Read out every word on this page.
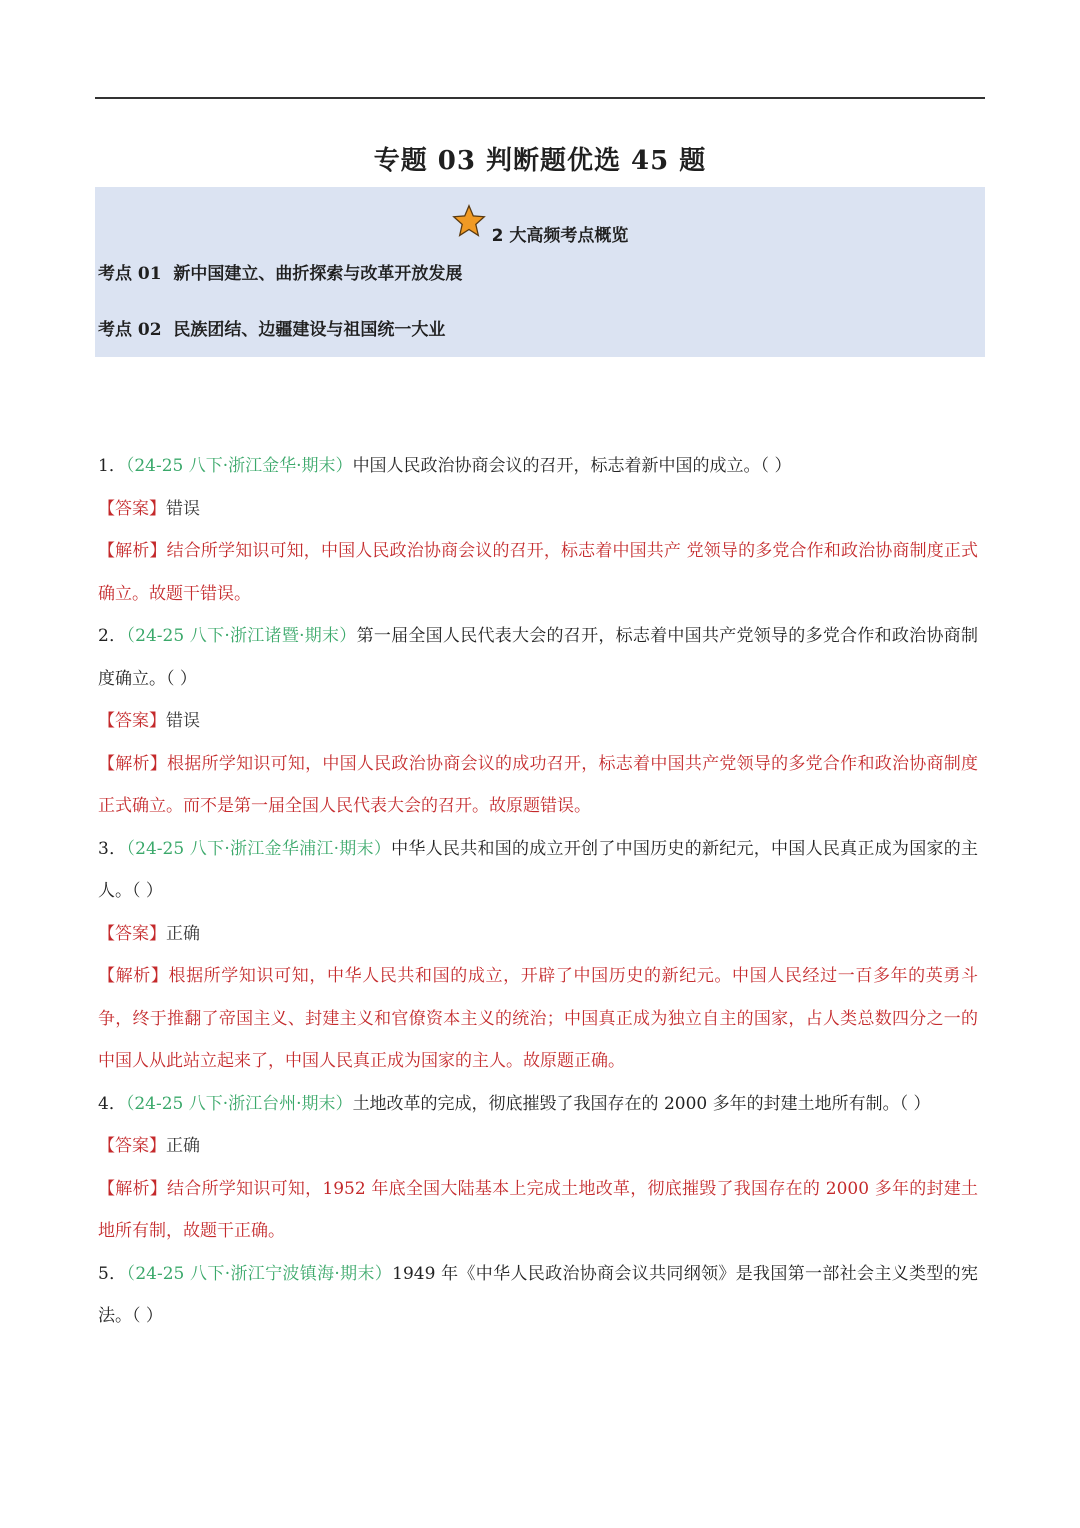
专题 03 判断题优选 45 题
2 大高频考点概览
考点 01 新中国建立、曲折探索与改革开放发展
考点 02 民族团结、边疆建设与祖国统一大业

1．（24-25 八下·浙江金华·期末）中国人民政治协商会议的召开，标志着新中国的成立。（ ）

【答案】错误

【解析】结合所学知识可知，中国人民政治协商会议的召开，标志着中国共产 党领导的多党合作和政治协商制度正式确立。故题干错误。

2．（24-25 八下·浙江诸暨·期末）第一届全国人民代表大会的召开，标志着中国共产党领导的多党合作和政治协商制度确立。（ ）

【答案】错误

【解析】根据所学知识可知，中国人民政治协商会议的成功召开，标志着中国共产党领导的多党合作和政治协商制度正式确立。而不是第一届全国人民代表大会的召开。故原题错误。

3．（24-25 八下·浙江金华浦江·期末）中华人民共和国的成立开创了中国历史的新纪元，中国人民真正成为国家的主人。（ ）

【答案】正确

【解析】根据所学知识可知，中华人民共和国的成立，开辟了中国历史的新纪元。中国人民经过一百多年的英勇斗争，终于推翻了帝国主义、封建主义和官僚资本主义的统治；中国真正成为独立自主的国家，占人类总数四分之一的中国人从此站立起来了，中国人民真正成为国家的主人。故原题正确。

4．（24-25 八下·浙江台州·期末）土地改革的完成，彻底摧毁了我国存在的 2000 多年的封建土地所有制。（ ）

【答案】正确

【解析】结合所学知识可知，1952 年底全国大陆基本上完成土地改革，彻底摧毁了我国存在的 2000 多年的封建土地所有制，故题干正确。

5．（24-25 八下·浙江宁波镇海·期末）1949 年《中华人民政治协商会议共同纲领》是我国第一部社会主义类型的宪法。（ ）
